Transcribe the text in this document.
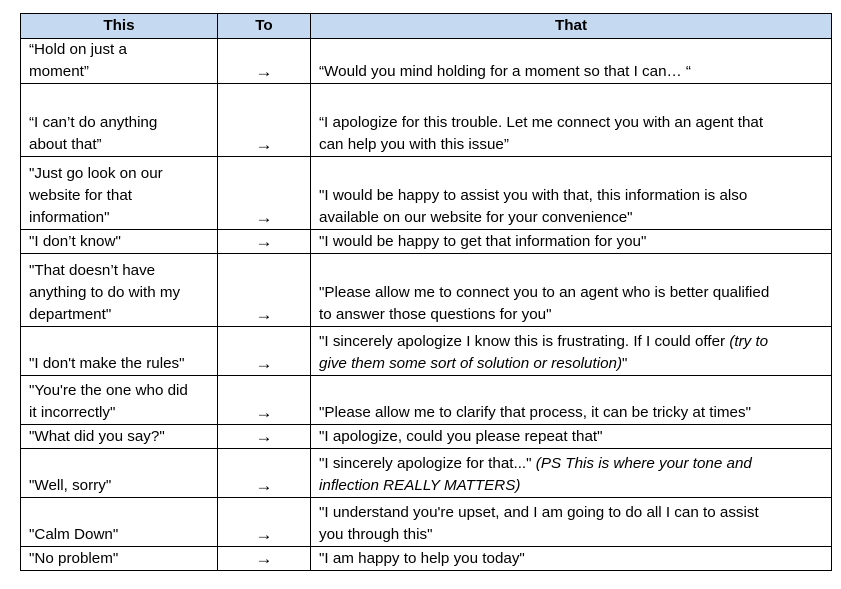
This	To	That

“Hold on just a
moment”	→	“Would you mind holding for a moment so that I can… “

“I can’t do anything
about that”	→	“I apologize for this trouble. Let me connect you with an agent that
can help you with this issue”

"Just go look on our
website for that
information"	→	"I would be happy to assist you with that, this information is also
available on our website for your convenience"

"I don’t know"	→	"I would be happy to get that information for you"

"That doesn’t have
anything to do with my
department"	→	"Please allow me to connect you to an agent who is better qualified
to answer those questions for you"

"I don't make the rules"	→	"I sincerely apologize I know this is frustrating. If I could offer (try to
give them some sort of solution or resolution)"

"You're the one who did
it incorrectly"	→	"Please allow me to clarify that process, it can be tricky at times"

"What did you say?"	→	"I apologize, could you please repeat that"

"Well, sorry"	→	"I sincerely apologize for that..." (PS This is where your tone and
inflection REALLY MATTERS)

"Calm Down"	→	"I understand you're upset, and I am going to do all I can to assist
you through this"

"No problem"	→	"I am happy to help you today"
